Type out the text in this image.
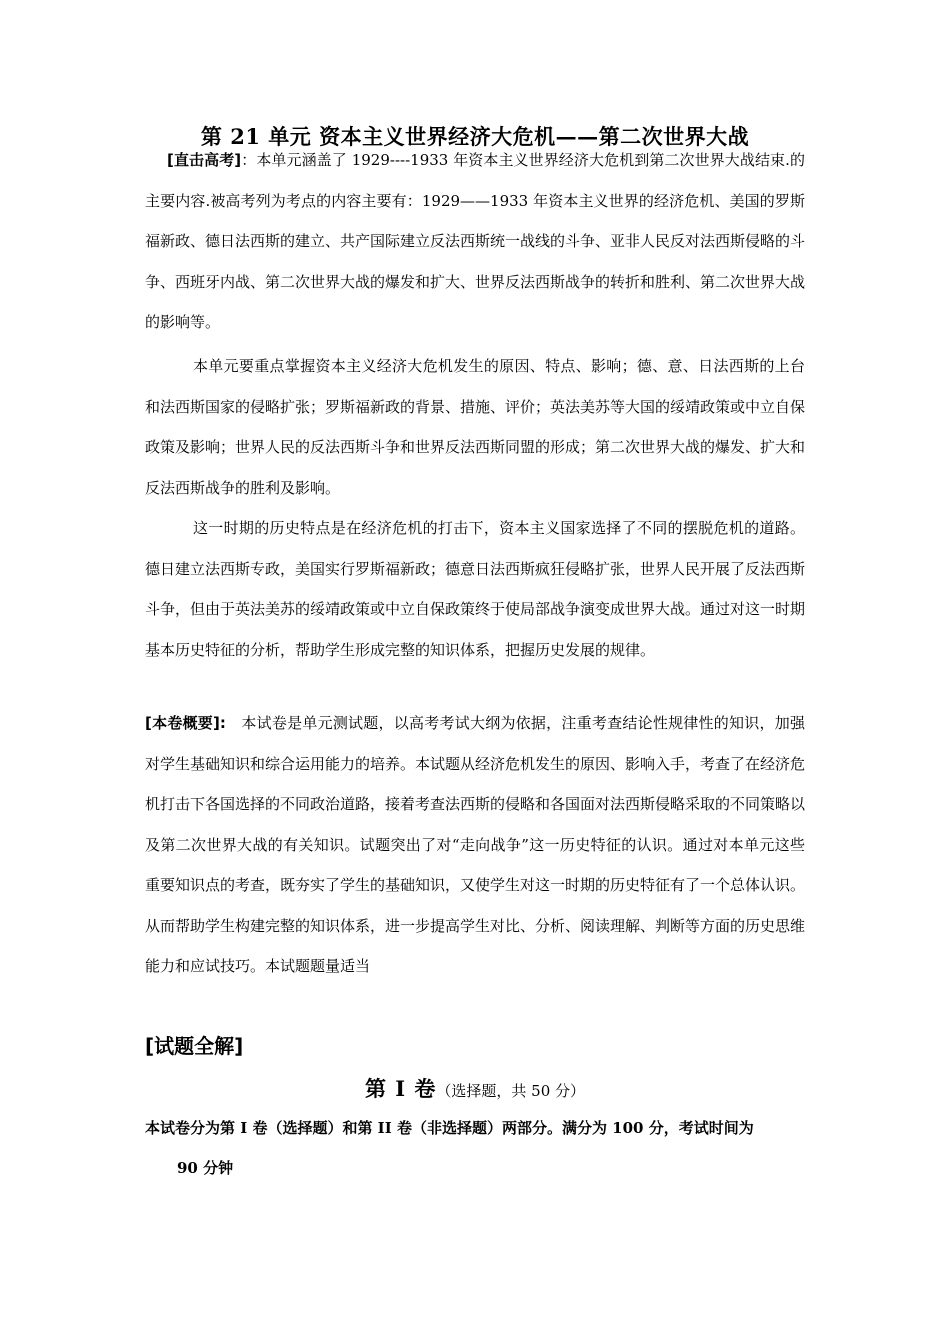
第 21 单元 资本主义世界经济大危机——第二次世界大战
[直击高考]：本单元涵盖了 1929----1933 年资本主义世界经济大危机到第二次世界大战结束.的主要内容.被高考列为考点的内容主要有：1929——1933 年资本主义世界的经济危机、美国的罗斯福新政、德日法西斯的建立、共产国际建立反法西斯统一战线的斗争、亚非人民反对法西斯侵略的斗争、西班牙内战、第二次世界大战的爆发和扩大、世界反法西斯战争的转折和胜利、第二次世界大战的影响等。
本单元要重点掌握资本主义经济大危机发生的原因、特点、影响；德、意、日法西斯的上台和法西斯国家的侵略扩张；罗斯福新政的背景、措施、评价；英法美苏等大国的绥靖政策或中立自保政策及影响；世界人民的反法西斯斗争和世界反法西斯同盟的形成；第二次世界大战的爆发、扩大和反法西斯战争的胜利及影响。
这一时期的历史特点是在经济危机的打击下，资本主义国家选择了不同的摆脱危机的道路。德日建立法西斯专政，美国实行罗斯福新政；德意日法西斯疯狂侵略扩张，世界人民开展了反法西斯斗争，但由于英法美苏的绥靖政策或中立自保政策终于使局部战争演变成世界大战。通过对这一时期基本历史特征的分析，帮助学生形成完整的知识体系，把握历史发展的规律。
[本卷概要]:　本试卷是单元测试题，以高考考试大纲为依据，注重考查结论性规律性的知识，加强对学生基础知识和综合运用能力的培养。本试题从经济危机发生的原因、影响入手，考查了在经济危机打击下各国选择的不同政治道路，接着考查法西斯的侵略和各国面对法西斯侵略采取的不同策略以及第二次世界大战的有关知识。试题突出了对“走向战争”这一历史特征的认识。通过对本单元这些重要知识点的考查，既夯实了学生的基础知识，又使学生对这一时期的历史特征有了一个总体认识。从而帮助学生构建完整的知识体系，进一步提高学生对比、分析、阅读理解、判断等方面的历史思维能力和应试技巧。本试题题量适当
[试题全解]
第 I 卷（选择题，共 50 分）
本试卷分为第 I 卷（选择题）和第 II 卷（非选择题）两部分。满分为 100 分，考试时间为
90 分钟
